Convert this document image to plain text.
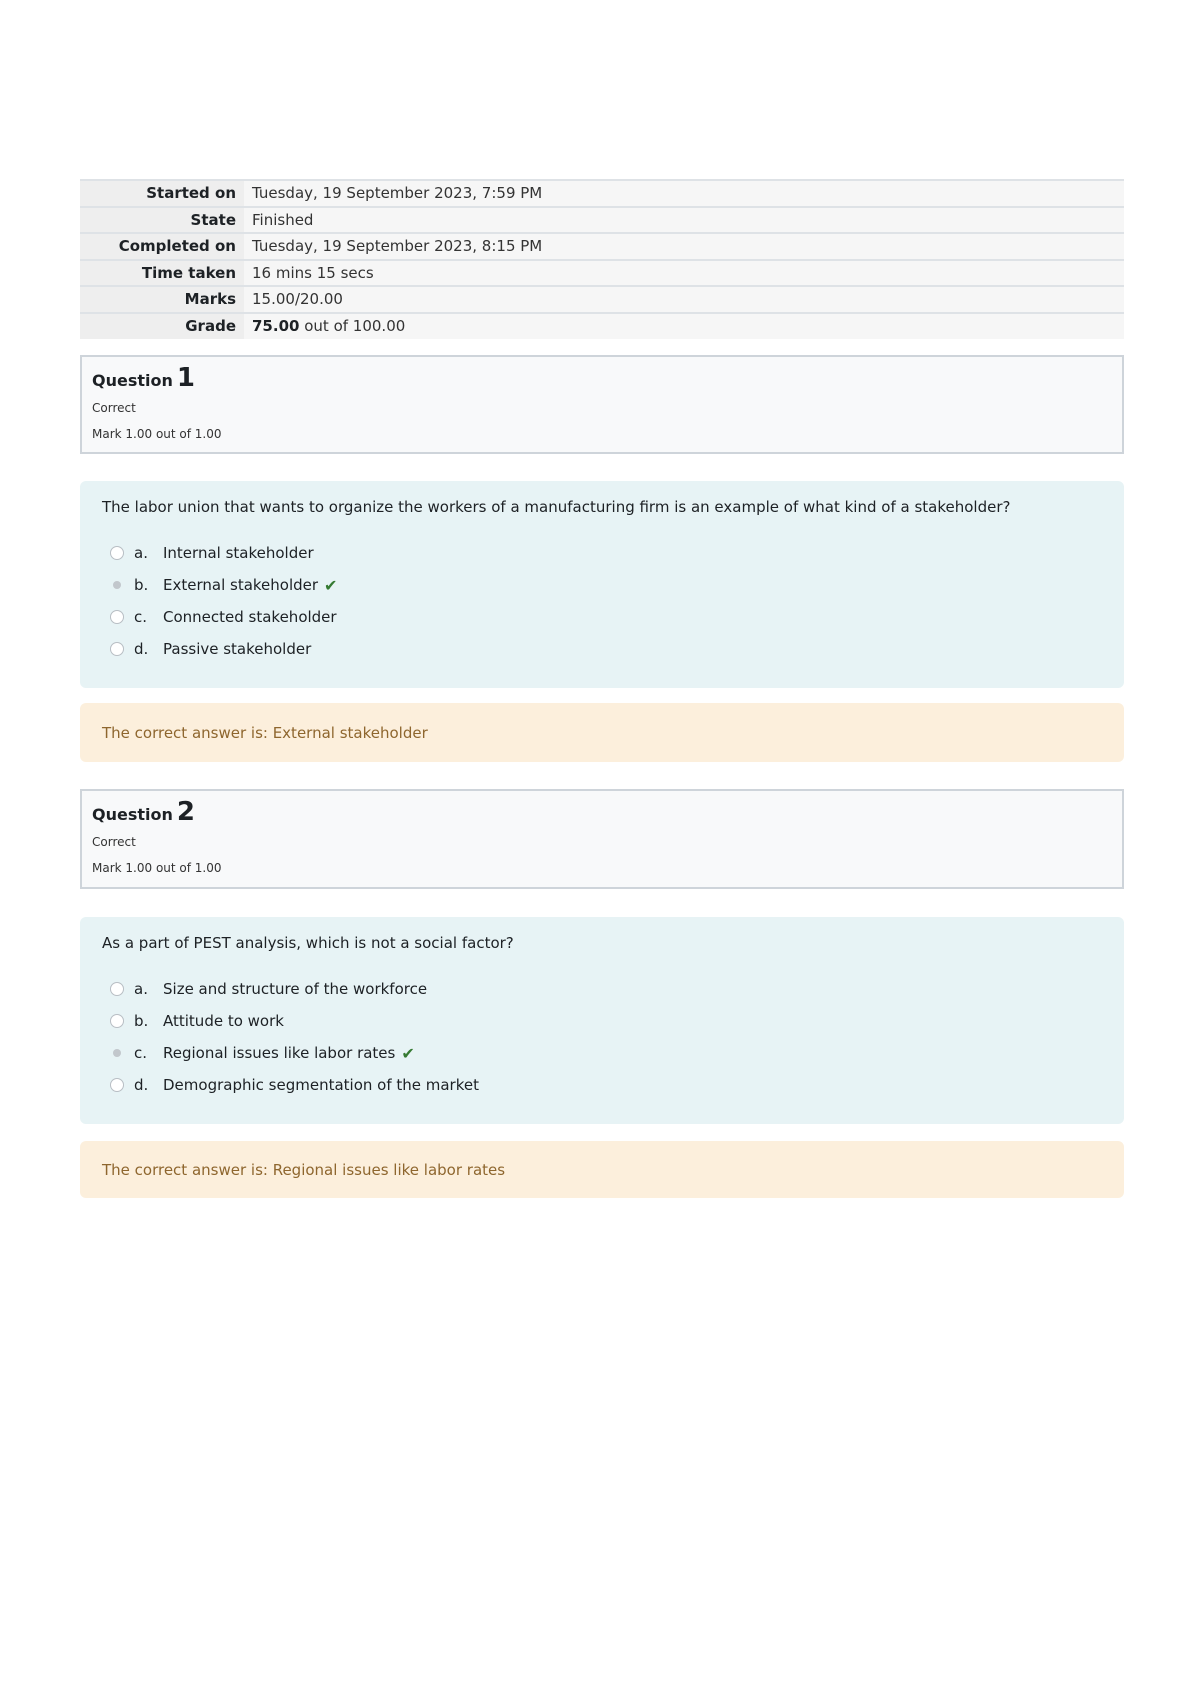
Started on	Tuesday, 19 September 2023, 7:59 PM
State	Finished
Completed on	Tuesday, 19 September 2023, 8:15 PM
Time taken	16 mins 15 secs
Marks	15.00/20.00
Grade	75.00 out of 100.00
Question 1
Correct
Mark 1.00 out of 1.00

The labor union that wants to organize the workers of a manufacturing firm is an example of what kind of a stakeholder?

a.	Internal stakeholder
b. External stakeholder ✔
c.	Connected stakeholder
d. Passive stakeholder
The correct answer is: External stakeholder
Question 2
Correct
Mark 1.00 out of 1.00

As a part of PEST analysis, which is not a social factor?

a.	Size and structure of the workforce
b. Attitude to work
c.	Regional issues like labor rates ✔
d. Demographic segmentation of the market
The correct answer is: Regional issues like labor rates
